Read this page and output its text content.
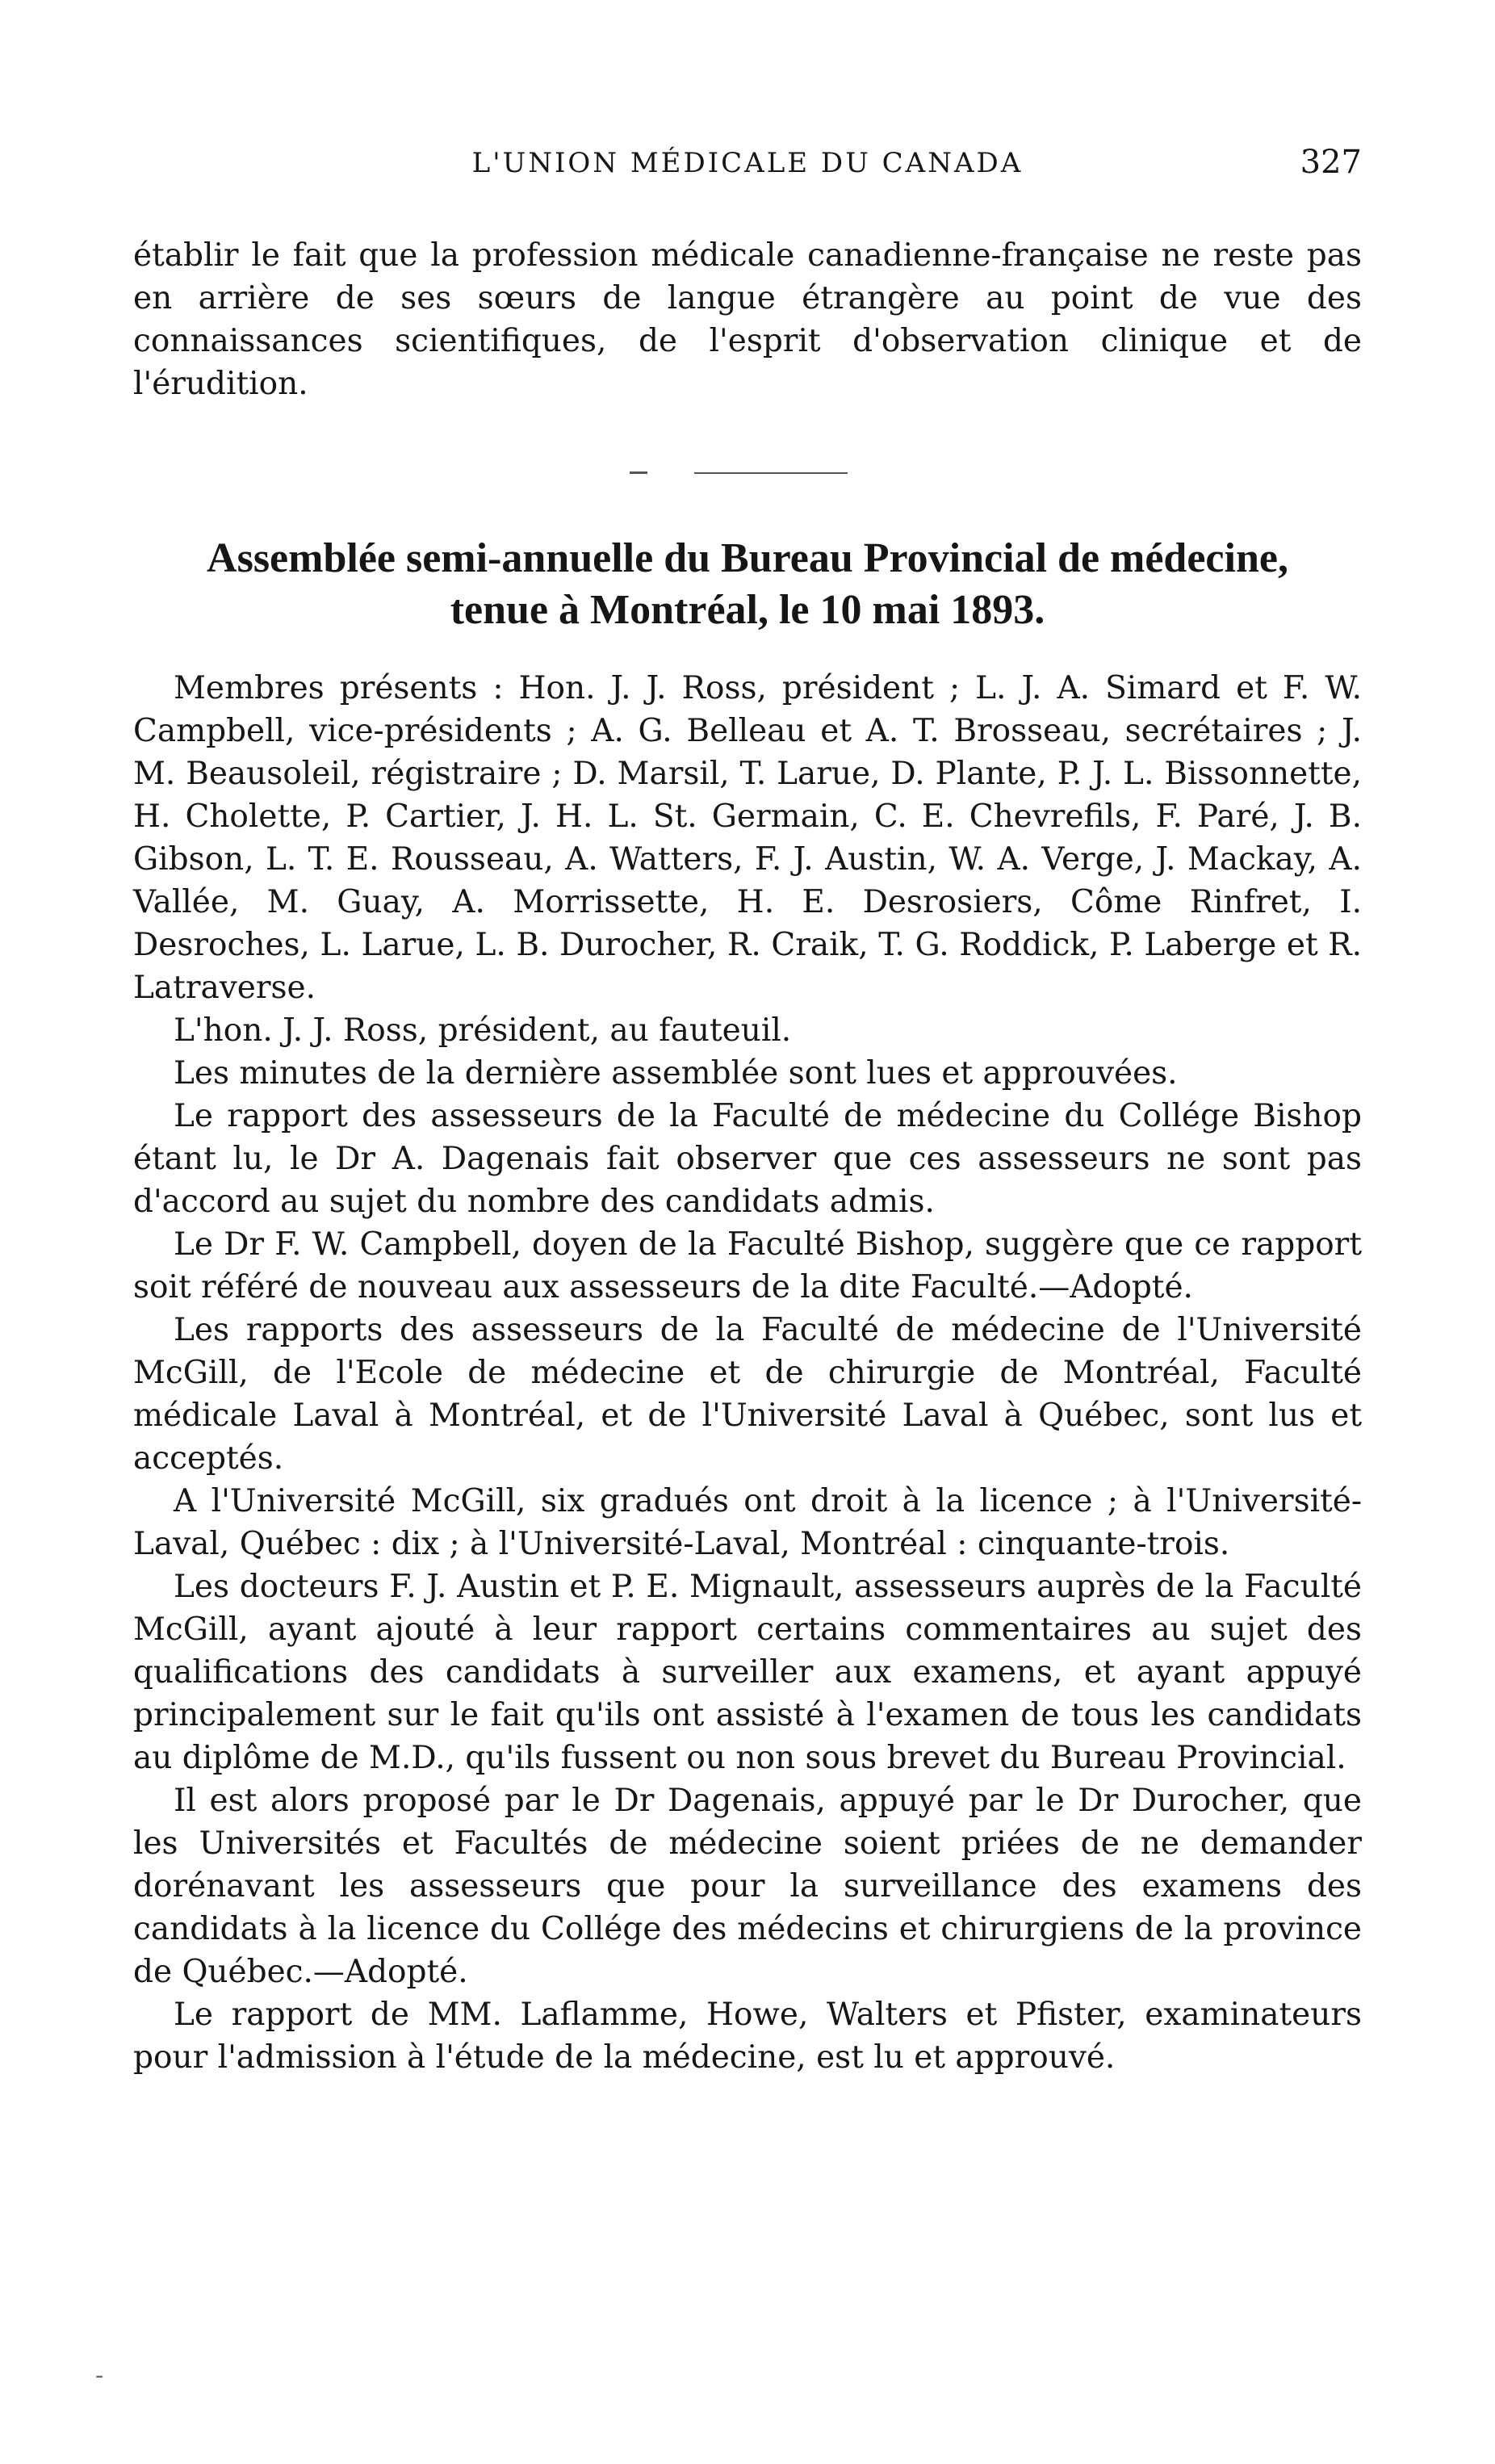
L'UNION MÉDICALE DU CANADA	327

établir le fait que la profession médicale canadienne-française ne reste pas en arrière de ses sœurs de langue étrangère au point de vue des connaissances scientifiques, de l'esprit d'observation clinique et de l'érudition.

Assemblée semi-annuelle du Bureau Provincial de médecine,
tenue à Montréal, le 10 mai 1893.

Membres présents : Hon. J. J. Ross, président ; L. J. A. Simard et F. W. Campbell, vice-présidents ; A. G. Belleau et A. T. Brosseau, secrétaires ; J. M. Beausoleil, régistraire ; D. Marsil, T. Larue, D. Plante, P. J. L. Bissonnette, H. Cholette, P. Cartier, J. H. L. St. Germain, C. E. Chevrefils, F. Paré, J. B. Gibson, L. T. E. Rousseau, A. Watters, F. J. Austin, W. A. Verge, J. Mackay, A. Vallée, M. Guay, A. Morrissette, H. E. Desrosiers, Côme Rinfret, I. Desroches, L. Larue, L. B. Durocher, R. Craik, T. G. Roddick, P. Laberge et R. Latraverse.

L'hon. J. J. Ross, président, au fauteuil.

Les minutes de la dernière assemblée sont lues et approuvées.

Le rapport des assesseurs de la Faculté de médecine du Collége Bishop étant lu, le Dr A. Dagenais fait observer que ces assesseurs ne sont pas d'accord au sujet du nombre des candidats admis.

Le Dr F. W. Campbell, doyen de la Faculté Bishop, suggère que ce rapport soit référé de nouveau aux assesseurs de la dite Faculté.—Adopté.

Les rapports des assesseurs de la Faculté de médecine de l'Université McGill, de l'Ecole de médecine et de chirurgie de Montréal, Faculté médicale Laval à Montréal, et de l'Université Laval à Québec, sont lus et acceptés.

A l'Université McGill, six gradués ont droit à la licence ; à l'Université-Laval, Québec : dix ; à l'Université-Laval, Montréal : cinquante-trois.

Les docteurs F. J. Austin et P. E. Mignault, assesseurs auprès de la Faculté McGill, ayant ajouté à leur rapport certains commentaires au sujet des qualifications des candidats à surveiller aux examens, et ayant appuyé principalement sur le fait qu'ils ont assisté à l'examen de tous les candidats au diplôme de M.D., qu'ils fussent ou non sous brevet du Bureau Provincial.

Il est alors proposé par le Dr Dagenais, appuyé par le Dr Durocher, que les Universités et Facultés de médecine soient priées de ne demander dorénavant les assesseurs que pour la surveillance des examens des candidats à la licence du Collége des médecins et chirurgiens de la province de Québec.—Adopté.

Le rapport de MM. Laflamme, Howe, Walters et Pfister, examinateurs pour l'admission à l'étude de la médecine, est lu et approuvé.

-
